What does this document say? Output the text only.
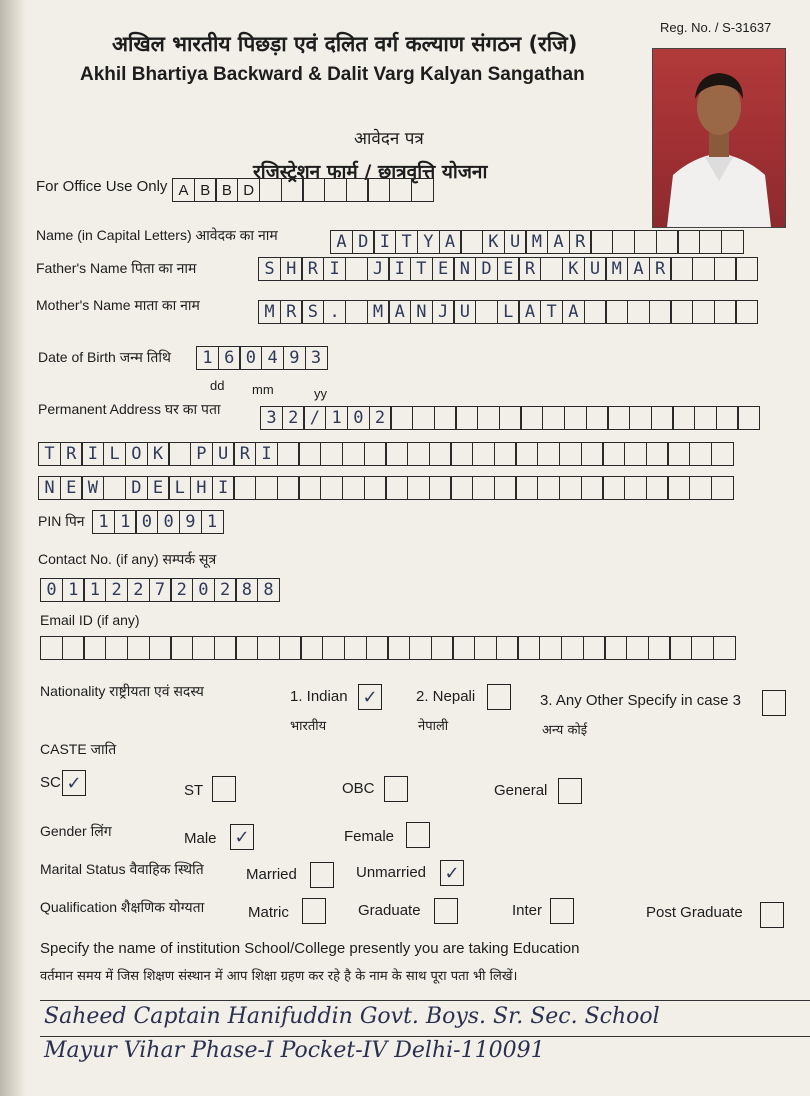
Reg. No. / S-31637
अखिल भारतीय पिछड़ा एवं दलित वर्ग कल्याण संगठन (रजि)
Akhil Bhartiya Backward & Dalit Varg Kalyan Sangathan
आवेदन पत्र
रजिस्ट्रेशन फार्म / छात्रवृत्ति योजना
For Office Use Only A B B D
Name (in Capital Letters) आवेदक का नाम	A D I T Y A	K U M A R
Father's Name पिता का नाम	S H R I	J I T E N D E R	K U M A R
Mother's Name माता का नाम	M R S .	M A N J U	L A T A
Date of Birth जन्म तिथि	1 6 0 4 9 3
dd mm	yy
Permanent Address घर का पता	3 2 / 1 0 2
T R I L O K	P U R I
N E W	D E L H I
PIN पिन 1 1 0 0 9 1
Contact No. (if any) सम्पर्क सूत्र
0 1 1 2 2 7 2 0 2 8 8
Email ID (if any)
Nationality राष्ट्रीयता एवं सदस्य	1. Indian ✓
भारतीय
2. Nepali
नेपाली
3. Any Other Specify in case 3
अन्य कोई
CASTE जाति
SC ✓	ST	OBC	General
Gender लिंग	Male ✓	Female
Marital Status वैवाहिक स्थिति	Married	Unmarried ✓
Qualification शैक्षणिक योग्यता	Matric	Graduate	Inter	Post Graduate
Specify the name of institution School/College presently you are taking Education
वर्तमान समय में जिस शिक्षण संस्थान में आप शिक्षा ग्रहण कर रहे है के नाम के साथ पूरा पता भी लिखें।
Saheed Captain Hanifuddin Govt. Boys. Sr. Sec. School
Mayur Vihar Phase-I Pocket-IV Delhi-110091
